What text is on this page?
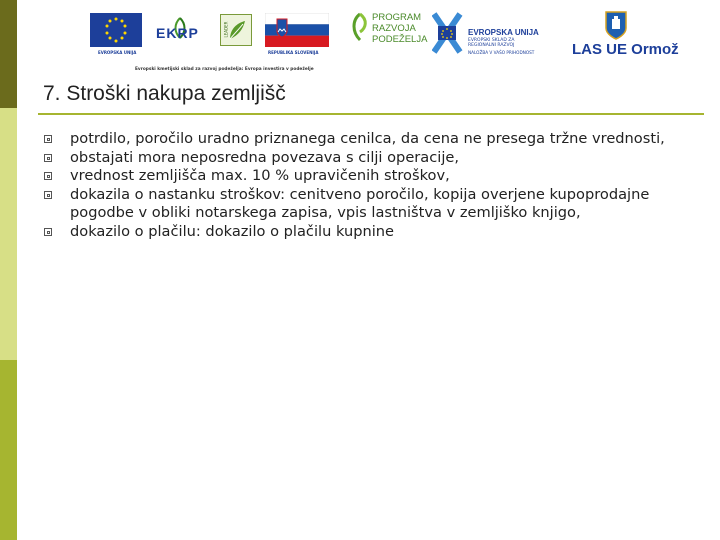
EVROPSKA UNIJA
EKRP	LEADER
REPUBLIKA SLOVENIJA
PROGRAM
RAZVOJA
PODEŽELJA
EVROPSKA UNIJA
EVROPSKI SKLAD ZA
REGIONALNI RAZVOJ
NALOŽBA V VAŠO PRIHODNOST	LAS UE Ormož
Evropski kmetijski sklad za razvoj podeželja: Evropa investira v podeželje
7. Stroški nakupa zemljišč
potrdilo, poročilo uradno priznanega cenilca, da cena ne presega tržne vrednosti,
obstajati mora neposredna povezava s cilji operacije,
vrednost zemljišča max. 10 % upravičenih stroškov,
dokazila o nastanku stroškov: cenitveno poročilo, kopija overjene kupoprodajne pogodbe v obliki notarskega zapisa, vpis lastništva v zemljiško knjigo,
dokazilo o plačilu: dokazilo o plačilu kupnine
